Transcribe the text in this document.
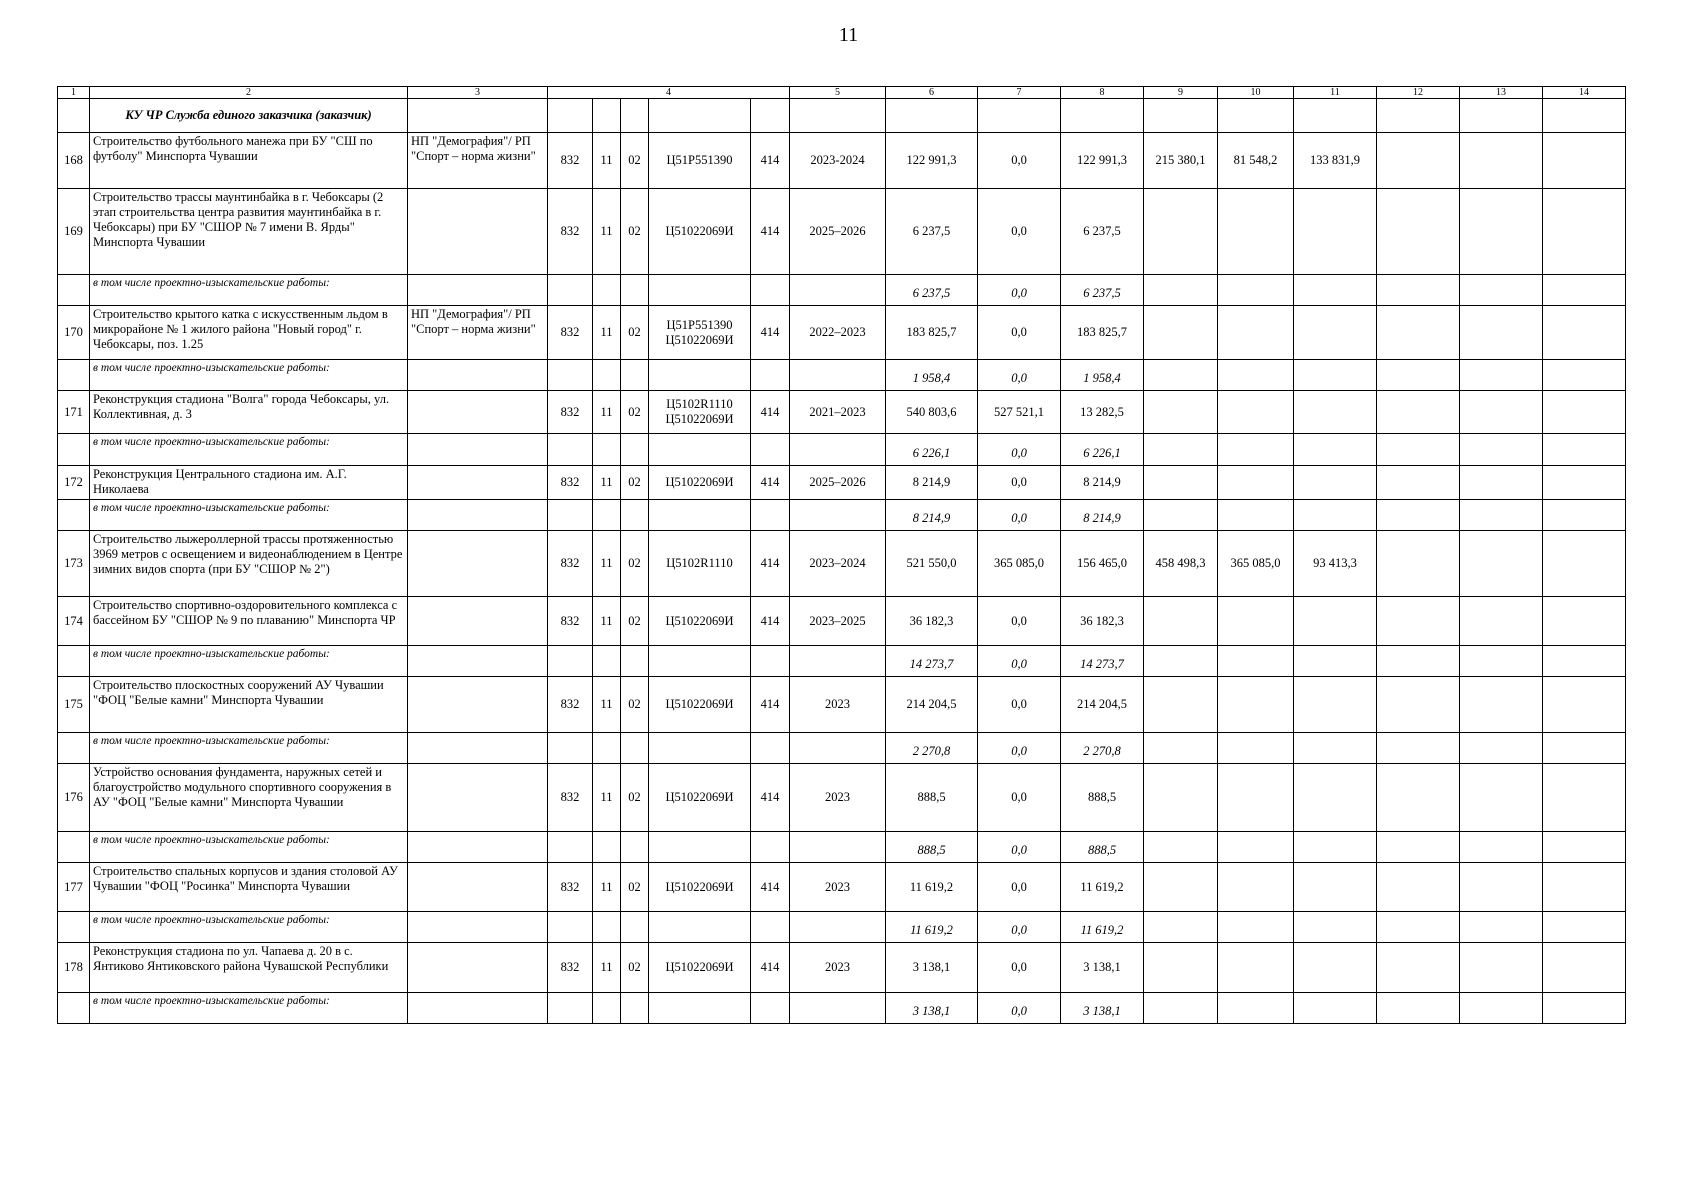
11
1	2	3	4					5	6	7	8	9	10	11	12	13	14
	КУ ЧР Служба единого заказчика (заказчик)																
168	Строительство футбольного манежа при БУ "СШ по футболу" Минспорта Чувашии	НП "Демография"/ РП "Спорт – норма жизни"	832	11	02	Ц51P551390	414	2023-2024	122 991,3	0,0	122 991,3	215 380,1	81 548,2	133 831,9			
169	Строительство трассы маунтинбайка в г. Чебоксары (2 этап строительства центра развития маунтинбайка в г. Чебоксары) при БУ "СШОР № 7 имени В. Ярды" Минспорта Чувашии		832	11	02	Ц51022069И	414	2025–2026	6 237,5	0,0	6 237,5						
	в том числе проектно-изыскательские работы:								6 237,5	0,0	6 237,5						
170	Строительство крытого катка с искусственным льдом в микрорайоне № 1 жилого района "Новый город" г. Чебоксары, поз. 1.25	НП "Демография"/ РП "Спорт – норма жизни"	832	11	02	Ц51P551390 Ц51022069И	414	2022–2023	183 825,7	0,0	183 825,7						
	в том числе проектно-изыскательские работы:								1 958,4	0,0	1 958,4						
171	Реконструкция стадиона "Волга" города Чебоксары, ул. Коллективная, д. 3		832	11	02	Ц5102R1110 Ц51022069И	414	2021–2023	540 803,6	527 521,1	13 282,5						
	в том числе проектно-изыскательские работы:								6 226,1	0,0	6 226,1						
172	Реконструкция Центрального стадиона им. А.Г. Николаева		832	11	02	Ц51022069И	414	2025–2026	8 214,9	0,0	8 214,9						
	в том числе проектно-изыскательские работы:								8 214,9	0,0	8 214,9						
173	Строительство лыжероллерной трассы протяженностью 3969 метров с освещением и видеонаблюдением в Центре зимних видов спорта (при БУ "СШОР № 2")		832	11	02	Ц5102R1110	414	2023–2024	521 550,0	365 085,0	156 465,0	458 498,3	365 085,0	93 413,3			
174	Строительство спортивно-оздоровительного комплекса с бассейном БУ "СШОР № 9 по плаванию" Минспорта ЧР		832	11	02	Ц51022069И	414	2023–2025	36 182,3	0,0	36 182,3						
	в том числе проектно-изыскательские работы:								14 273,7	0,0	14 273,7						
175	Строительство плоскостных сооружений АУ Чувашии "ФОЦ "Белые камни" Минспорта Чувашии		832	11	02	Ц51022069И	414	2023	214 204,5	0,0	214 204,5						
	в том числе проектно-изыскательские работы:								2 270,8	0,0	2 270,8						
176	Устройство основания фундамента, наружных сетей и благоустройство модульного спортивного сооружения в АУ "ФОЦ "Белые камни" Минспорта Чувашии		832	11	02	Ц51022069И	414	2023	888,5	0,0	888,5						
	в том числе проектно-изыскательские работы:								888,5	0,0	888,5						
177	Строительство спальных корпусов и здания столовой АУ Чувашии "ФОЦ "Росинка" Минспорта Чувашии		832	11	02	Ц51022069И	414	2023	11 619,2	0,0	11 619,2						
	в том числе проектно-изыскательские работы:								11 619,2	0,0	11 619,2						
178	Реконструкция стадиона по ул. Чапаева д. 20 в с. Янтиково Янтиковского района Чувашской Республики		832	11	02	Ц51022069И	414	2023	3 138,1	0,0	3 138,1						
	в том числе проектно-изыскательские работы:								3 138,1	0,0	3 138,1						
